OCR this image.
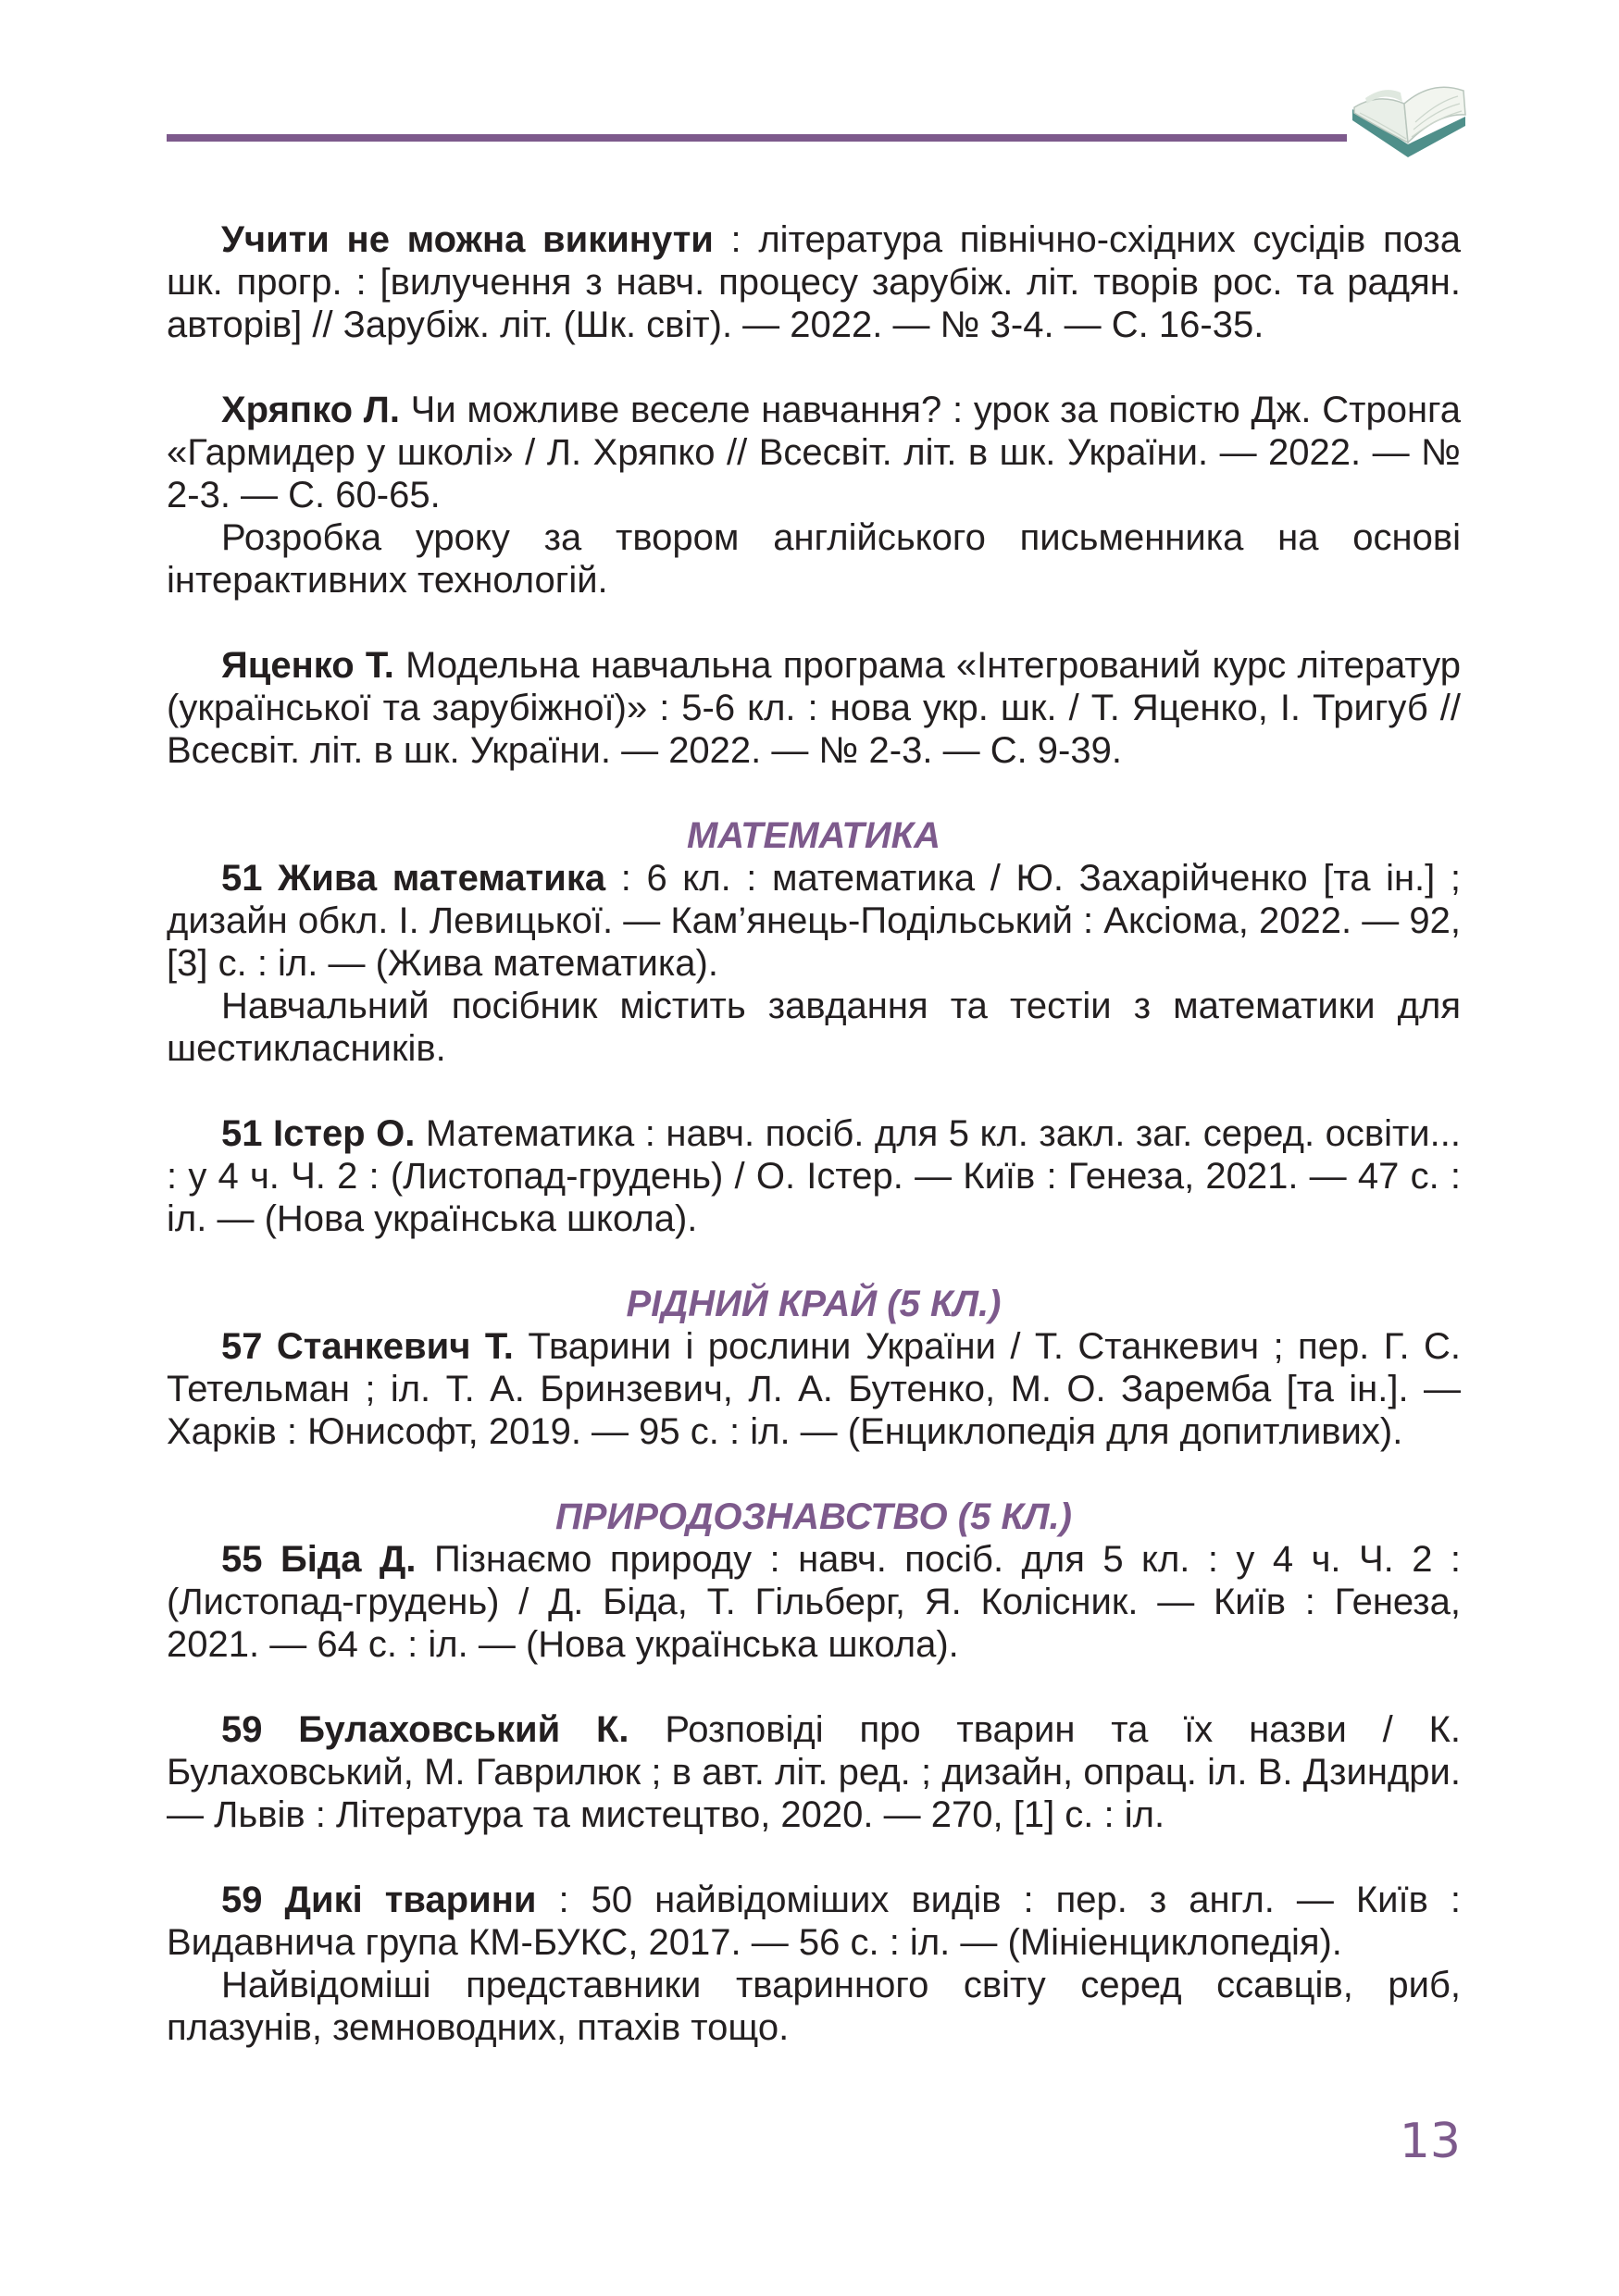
Учити не можна викинути : література північно-східних сусідів поза шк. прогр. : [вилучення з навч. процесу зарубіж. літ. творів рос. та радян. авторів] // Зарубіж. літ. (Шк. світ). — 2022. — № 3-4. — С. 16-35.

Хряпко Л. Чи можливе веселе навчання? : урок за повістю Дж. Стронга «Гармидер у школі» / Л. Хряпко // Всесвіт. літ. в шк. України. — 2022. — № 2-3. — С. 60-65.

Розробка уроку за твором англійського письменника на основі інтерактивних технологій.

Яценко Т. Модельна навчальна програма «Інтегрований курс літератур (української та зарубіжної)» : 5-6 кл. : нова укр. шк. / Т. Яценко, І. Тригуб // Всесвіт. літ. в шк. України. — 2022. — № 2-3. — С. 9-39.

МАТЕМАТИКА

51 Жива математика : 6 кл. : математика / Ю. Захарійченко [та ін.] ; дизайн обкл. І. Левицької. — Кам’янець-Подільський : Аксіома, 2022. — 92, [3] с. : іл. — (Жива математика).

Навчальний посібник містить завдання та тестіи з математики для шестикласників.

51 Істер О. Математика : навч. посіб. для 5 кл. закл. заг. серед. освіти... : у 4 ч. Ч. 2 : (Листопад-грудень) / О. Істер. — Київ : Генеза, 2021. — 47 с. : іл. — (Нова українська школа).

РІДНИЙ КРАЙ (5 КЛ.)

57 Станкевич Т. Тварини і рослини України / Т. Станкевич ; пер. Г. С. Тетельман ; іл. Т. А. Бринзевич, Л. А. Бутенко, М. О. Заремба [та ін.]. — Харків : Юнисофт, 2019. — 95 с. : іл. — (Енциклопедія для допитливих).

ПРИРОДОЗНАВСТВО (5 КЛ.)

55 Біда Д. Пізнаємо природу : навч. посіб. для 5 кл. : у 4 ч. Ч. 2 : (Листопад-грудень) / Д. Біда, Т. Гільберг, Я. Колісник. — Київ : Генеза, 2021. — 64 с. : іл. — (Нова українська школа).

59 Булаховський К. Розповіді про тварин та їх назви / К. Булаховський, М. Гаврилюк ; в авт. літ. ред. ; дизайн, опрац. іл. В. Дзиндри. — Львів : Література та мистецтво, 2020. — 270, [1] с. : іл.

59 Дикі тварини : 50 найвідоміших видів : пер. з англ. — Київ : Видавнича група КМ-БУКС, 2017. — 56 с. : іл. — (Мініенциклопедія).

Найвідоміші представники тваринного світу серед ссавців, риб, плазунів, земноводних, птахів тощо.

13
